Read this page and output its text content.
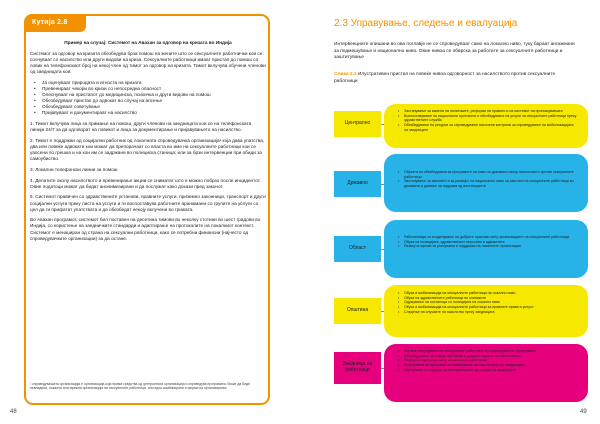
Кутија 2.8

Пример на случај: Системот на Аваxан за одговор на кризата во Индија

Системот за одговор на кризата обезбедува брза помош на жените што се сексуалните работнички кои се соочуваат со насилство или други видови на криза. Сексуалните работници имаат пристап до помош со повик на телефонскиот број на некој член од тимот за одговор на кризата. Тимот вклучува обучени членови од заедницата кои:

• Ја оценуваат природата и итноста на кризата
• Превенираат чекори во кризи со непосредна опасност
• Олеснуваат на пристапот до медицинска, психичка и други видови на помош
• Обезбедуваат пристап до адвокат во случај на апсење
• Обезбедуваат советување
• Пријавуваат и документираат на насилство

1. Тимот вклучува лица за примање на помош, други членови на заедницата кои се на телефонската линија 24/7 за да одговорат на повикот и лица за документирање и пријавувањето на насилство.

2. Тимот е поддржан од социјални работник од локалната спроведувачка организација¹ која дава упатства, два или повеќе адвокати кои можат да препорачаат со власта во име на сексуалните работници кои се уапсени по грешка и на кои им се задржани во полициска станица; или за брзи интервенции при обиди за самоубиство.

3. Локални телефонски линии за помош

4. Делатите околу насилството и превенирање акции се сниматат што е можно побрзо после инцидентот. Овие податоци можат да бидат анонимизирани и да послужат како докази пред законот.

5. Системот правичен со здравствените установи, правните услуги, приземно законници, транспорт и други социјални услуги преку листа на услуги и ги воспоставува работните аранжмани со групите на услуги со цел да ги прифатат упатствата и да обезбедат некоју вклучени во грижата.

Во Аваxан програмот, системот бил поставен на десетина тимови во неколку стотини во шест градови во Индија, со користење на заедничките стандарди и адаптирање на протоколите на локалниот контекст. Системот е менаџиран од страна на сексуални работници, како се потребни финансии (најчесто од спроведувачките организации) за да останe.

¹ спроведувачката организација е организација која прима средства од централната организација и спроведува програмата. Може да биде невладина, локална или мрежна организација на сексуалните работници, или една комбинирани и форми на организирање.
48
2.3 Управување, следење и евалуација
Интервенциите опишани во ова поглавје не се спроведуваат само на локално ниво, туку бараат ангажмани за подмешување и национално ниво. Овие нивоа се обврска за работите за сексуалните работници и заштитување
Слика 2.1 Илустративен пристап на повеќе нивоа одговорност за насилството против сексуалните работници
Централно
• Застапување за измена на политиките, реформи на правото и на системот на пропишувањата
• Воспоставување на национални протоколи и обезбедување на услуги за сексуалните работници преку здравствените служби
• Обезбедување на ресурси за спроведување насочени контроли за спроведување на мобилизацијата на заедниците
Државно
• Обуката на обезбедувачи за програмите на ниво на државата околу насилството против сексуалните работници
• Застапување за законите и за развојот на национално ниво за заштита на сексуалните работници во државата и давање на подршка од институциите
Област
• Работилница за споделување на добрите практики меѓу организациите на сексуалните работници
• Обука на полицијата, здравствениот персонал и адвокатите
• Развој на мрежа за упатувања и поддршка на локалните организации
Општина
• Обука и мобилизација на сексуалните работници на локално ниво
• Обука на здравствените работници во клиниките
• Одржување на состаноци со полицијата на локално ниво
• Обука и мобилизација на сексуалните работници за правните права и услуги
• Следење на случаите на насилство преку заедницата
Заедница на работници
• Активно вклучување на сексуалните работници во структурите на одлучување
• Обезбедување на помош при кризи и документирање на насилството
• Развој на лидерство меѓу сексуалните работници
• Вклучување во програми за намалување на насилството во заедницата
• Оценување и следење на интервенциите од страна на заедницата
49
